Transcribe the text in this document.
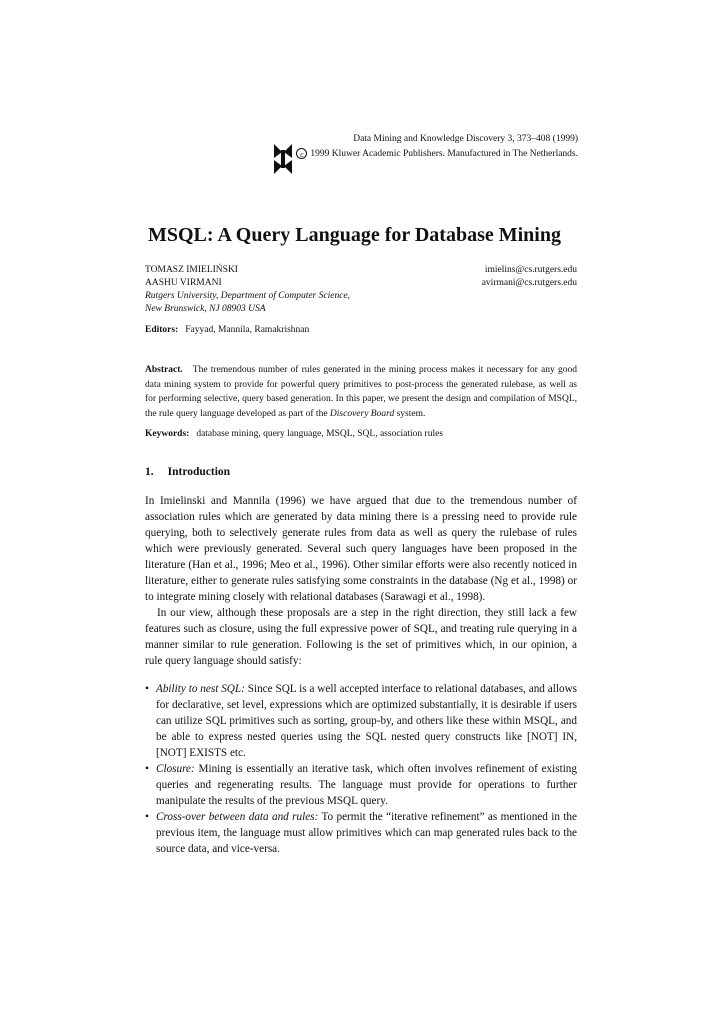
Data Mining and Knowledge Discovery 3, 373–408 (1999)
c 1999 Kluwer Academic Publishers. Manufactured in The Netherlands.
MSQL: A Query Language for Database Mining
TOMASZ IMIELIŃSKI	imielins@cs.rutgers.edu
AASHU VIRMANI	avirmani@cs.rutgers.edu
Rutgers University, Department of Computer Science,
New Brunswick, NJ 08903 USA
Editors: Fayyad, Mannila, Ramakrishnan

Abstract. The tremendous number of rules generated in the mining process makes it necessary for any good data mining system to provide for powerful query primitives to post-process the generated rulebase, as well as for performing selective, query based generation. In this paper, we present the design and compilation of MSQL, the rule query language developed as part of the Discovery Board system.

Keywords: database mining, query language, MSQL, SQL, association rules
1. Introduction

In Imielinski and Mannila (1996) we have argued that due to the tremendous number of association rules which are generated by data mining there is a pressing need to provide rule querying, both to selectively generate rules from data as well as query the rulebase of rules which were previously generated. Several such query languages have been proposed in the literature (Han et al., 1996; Meo et al., 1996). Other similar efforts were also recently noticed in literature, either to generate rules satisfying some constraints in the database (Ng et al., 1998) or to integrate mining closely with relational databases (Sarawagi et al., 1998).

In our view, although these proposals are a step in the right direction, they still lack a few features such as closure, using the full expressive power of SQL, and treating rule querying in a manner similar to rule generation. Following is the set of primitives which, in our opinion, a rule query language should satisfy:

• Ability to nest SQL: Since SQL is a well accepted interface to relational databases, and allows for declarative, set level, expressions which are optimized substantially, it is desirable if users can utilize SQL primitives such as sorting, group-by, and others like these within MSQL, and be able to express nested queries using the SQL nested query constructs like [NOT] IN, [NOT] EXISTS etc.
• Closure: Mining is essentially an iterative task, which often involves refinement of existing queries and regenerating results. The language must provide for operations to further manipulate the results of the previous MSQL query.
• Cross-over between data and rules: To permit the “iterative refinement” as mentioned in the previous item, the language must allow primitives which can map generated rules back to the source data, and vice-versa.
